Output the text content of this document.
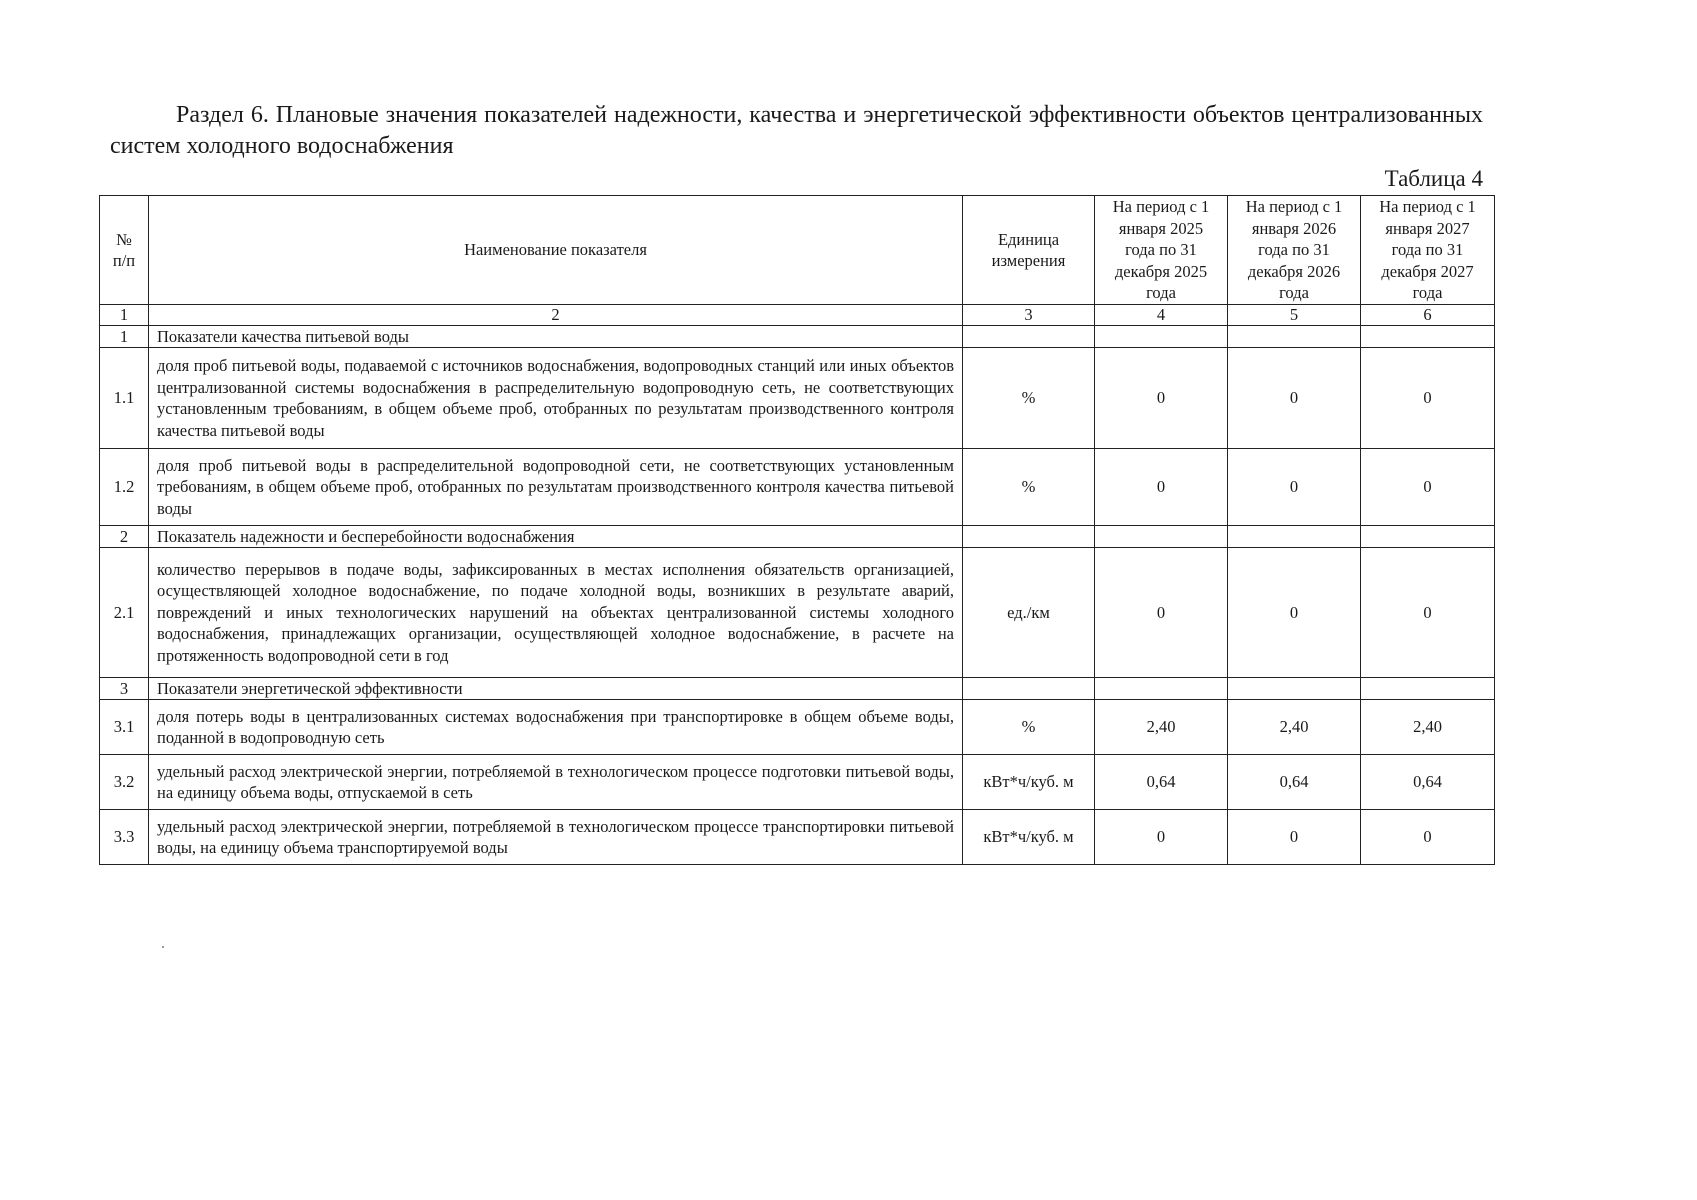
Раздел 6. Плановые значения показателей надежности, качества и энергетической эффективности объектов централизованных систем холодного водоснабжения

Таблица 4

№ п/п	Наименование показателя	Единица измерения	На период с 1 января 2025 года по 31 декабря 2025 года	На период с 1 января 2026 года по 31 декабря 2026 года	На период с 1 января 2027 года по 31 декабря 2027 года
1	2	3	4	5	6
1	Показатели качества питьевой воды				
1.1	доля проб питьевой воды, подаваемой с источников водоснабжения, водопроводных станций или иных объектов централизованной системы водоснабжения в распределительную водопроводную сеть, не соответствующих установленным требованиям, в общем объеме проб, отобранных по результатам производственного контроля качества питьевой воды	%	0	0	0
1.2	доля проб питьевой воды в распределительной водопроводной сети, не соответствующих установленным требованиям, в общем объеме проб, отобранных по результатам производственного контроля качества питьевой воды	%	0	0	0
2	Показатель надежности и бесперебойности водоснабжения				
2.1	количество перерывов в подаче воды, зафиксированных в местах исполнения обязательств организацией, осуществляющей холодное водоснабжение, по подаче холодной воды, возникших в результате аварий, повреждений и иных технологических нарушений на объектах централизованной системы холодного водоснабжения, принадлежащих организации, осуществляющей холодное водоснабжение, в расчете на протяженность водопроводной сети в год	ед./км	0	0	0
3	Показатели энергетической эффективности				
3.1	доля потерь воды в централизованных системах водоснабжения при транспортировке в общем объеме воды, поданной в водопроводную сеть	%	2,40	2,40	2,40
3.2	удельный расход электрической энергии, потребляемой в технологическом процессе подготовки питьевой воды, на единицу объема воды, отпускаемой в сеть	кВт*ч/куб. м	0,64	0,64	0,64
3.3	удельный расход электрической энергии, потребляемой в технологическом процессе транспортировки питьевой воды, на единицу объема транспортируемой воды	кВт*ч/куб. м	0	0	0
